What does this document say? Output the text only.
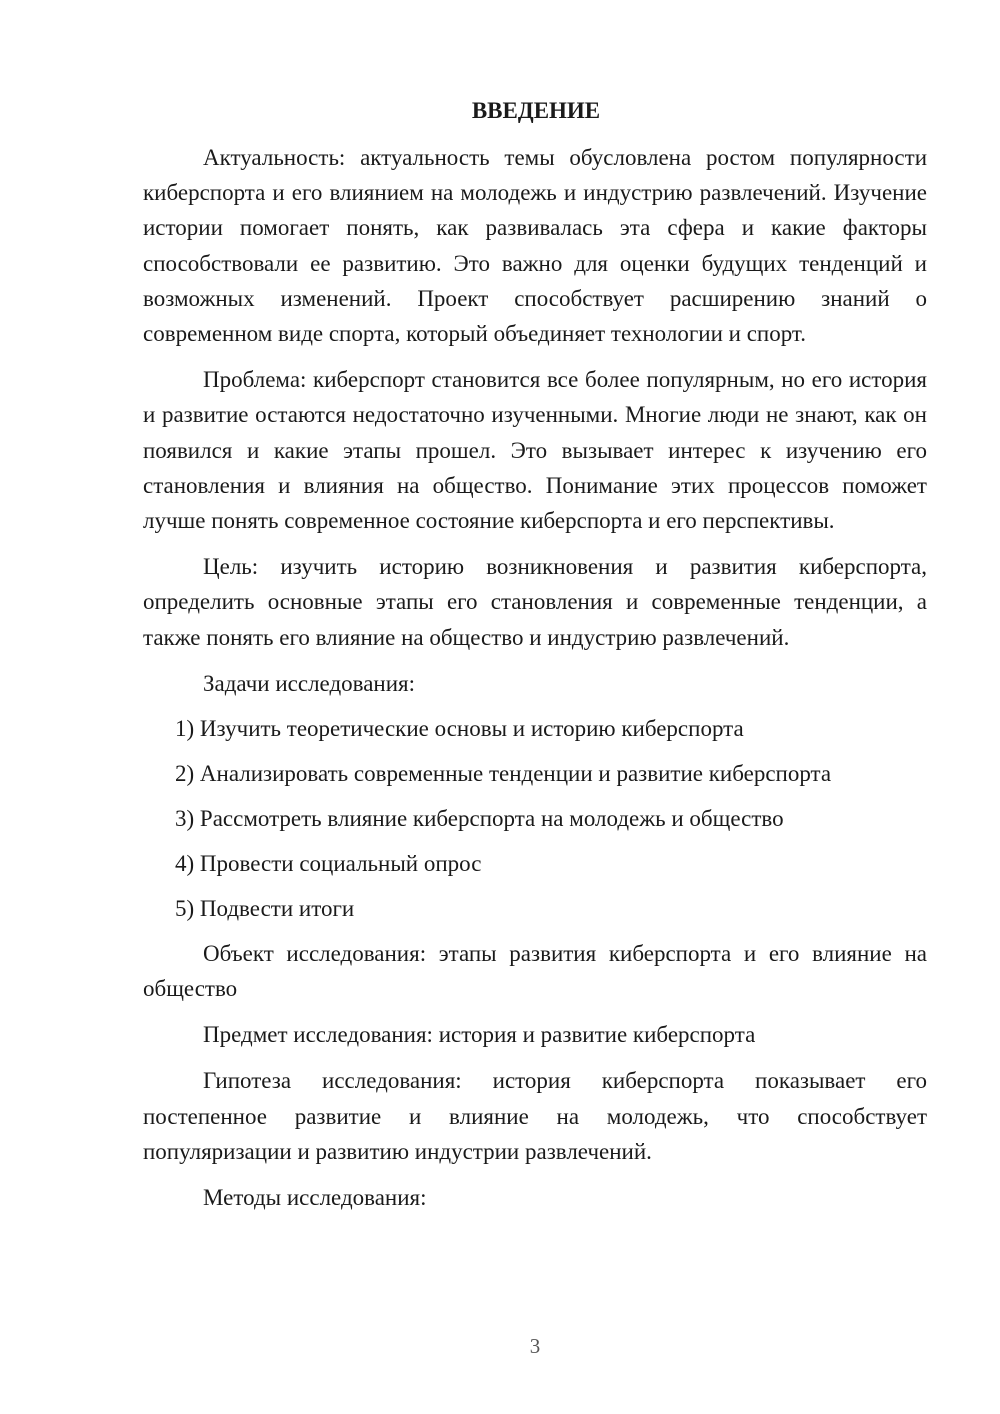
ВВЕДЕНИЕ

Актуальность: актуальность темы обусловлена ростом популярности киберспорта и его влиянием на молодежь и индустрию развлечений. Изучение истории помогает понять, как развивалась эта сфера и какие факторы способствовали ее развитию. Это важно для оценки будущих тенденций и возможных изменений. Проект способствует расширению знаний о современном виде спорта, который объединяет технологии и спорт.

Проблема: киберспорт становится все более популярным, но его история и развитие остаются недостаточно изученными. Многие люди не знают, как он появился и какие этапы прошел. Это вызывает интерес к изучению его становления и влияния на общество. Понимание этих процессов поможет лучше понять современное состояние киберспорта и его перспективы.

Цель: изучить историю возникновения и развития киберспорта, определить основные этапы его становления и современные тенденции, а также понять его влияние на общество и индустрию развлечений.

Задачи исследования:

1) Изучить теоретические основы и историю киберспорта
2) Анализировать современные тенденции и развитие киберспорта
3) Рассмотреть влияние киберспорта на молодежь и общество
4) Провести социальный опрос
5) Подвести итоги

Объект исследования: этапы развития киберспорта и его влияние на общество

Предмет исследования: история и развитие киберспорта

Гипотеза исследования: история киберспорта показывает его постепенное развитие и влияние на молодежь, что способствует популяризации и развитию индустрии развлечений.

Методы исследования:

3
